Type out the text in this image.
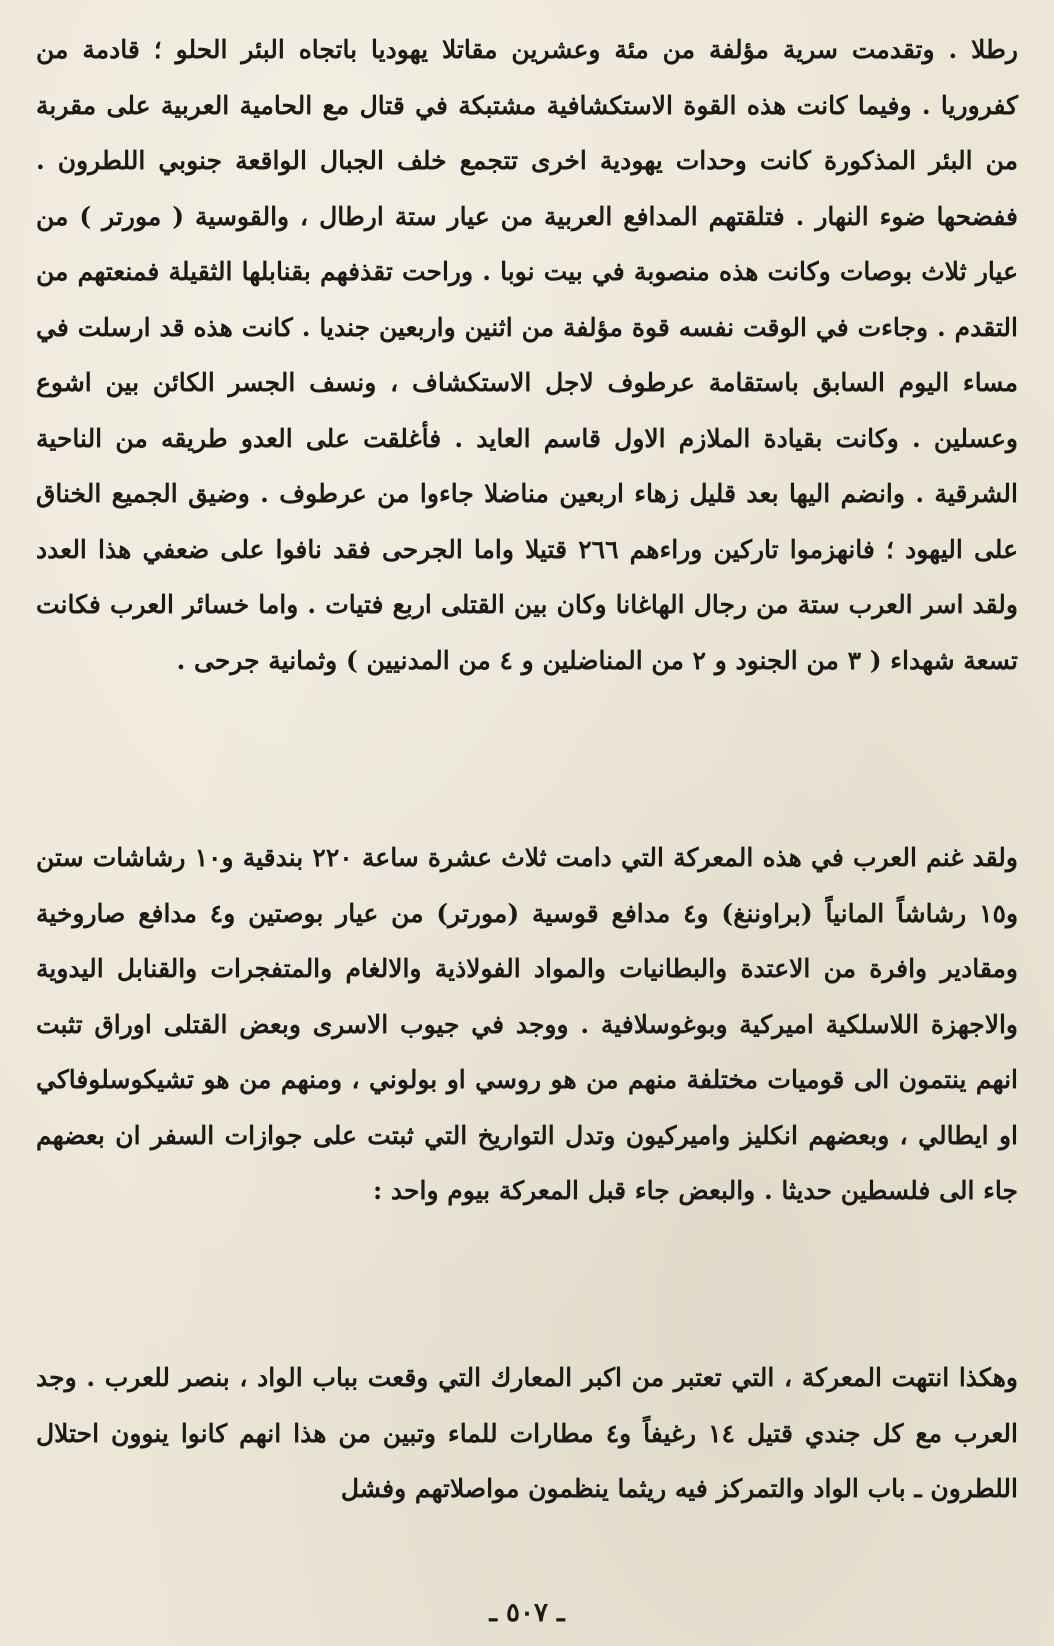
رطلا . وتقدمت سرية مؤلفة من مئة وعشرين مقاتلا يهوديا باتجاه البئر الحلو ؛ قادمة من كفروريا . وفيما كانت هذه القوة الاستكشافية مشتبكة في قتال مع الحامية العربية على مقربة من البئر المذكورة كانت وحدات يهودية اخرى تتجمع خلف الجبال الواقعة جنوبي اللطرون . ففضحها ضوء النهار . فتلقتهم المدافع العربية من عيار ستة ارطال ، والقوسية ( مورتر ) من عيار ثلاث بوصات وكانت هذه منصوبة في بيت نوبا . وراحت تقذفهم بقنابلها الثقيلة فمنعتهم من التقدم . وجاءت في الوقت نفسه قوة مؤلفة من اثنين واربعين جنديا . كانت هذه قد ارسلت في مساء اليوم السابق باستقامة عرطوف لاجل الاستكشاف ، ونسف الجسر الكائن بين اشوع وعسلين . وكانت بقيادة الملازم الاول قاسم العايد . فأغلقت على العدو طريقه من الناحية الشرقية . وانضم اليها بعد قليل زهاء اربعين مناضلا جاءوا من عرطوف . وضيق الجميع الخناق على اليهود ؛ فانهزموا تاركين وراءهم ٢٦٦ قتيلا واما الجرحى فقد نافوا على ضعفي هذا العدد ولقد اسر العرب ستة من رجال الهاغانا وكان بين القتلى اربع فتيات . واما خسائر العرب فكانت تسعة شهداء ( ٣ من الجنود و ٢ من المناضلين و ٤ من المدنيين ) وثمانية جرحى .

ولقد غنم العرب في هذه المعركة التي دامت ثلاث عشرة ساعة ٢٢٠ بندقية و١٠ رشاشات ستن و١٥ رشاشاً المانياً (براوننغ) و٤ مدافع قوسية (مورتر) من عيار بوصتين و٤ مدافع صاروخية ومقادير وافرة من الاعتدة والبطانيات والمواد الفولاذية والالغام والمتفجرات والقنابل اليدوية والاجهزة اللاسلكية اميركية وبوغوسلافية . ووجد في جيوب الاسرى وبعض القتلى اوراق تثبت انهم ينتمون الى قوميات مختلفة منهم من هو روسي او بولوني ، ومنهم من هو تشيكوسلوفاكي او ايطالي ، وبعضهم انكليز واميركيون وتدل التواريخ التي ثبتت على جوازات السفر ان بعضهم جاء الى فلسطين حديثا . والبعض جاء قبل المعركة بيوم واحد :

وهكذا انتهت المعركة ، التي تعتبر من اكبر المعارك التي وقعت بباب الواد ، بنصر للعرب . وجد العرب مع كل جندي قتيل ١٤ رغيفاً و٤ مطارات للماء وتبين من هذا انهم كانوا ينوون احتلال اللطرون ـ باب الواد والتمركز فيه ريثما ينظمون مواصلاتهم وفشل

ـ ٥٠٧ ـ
